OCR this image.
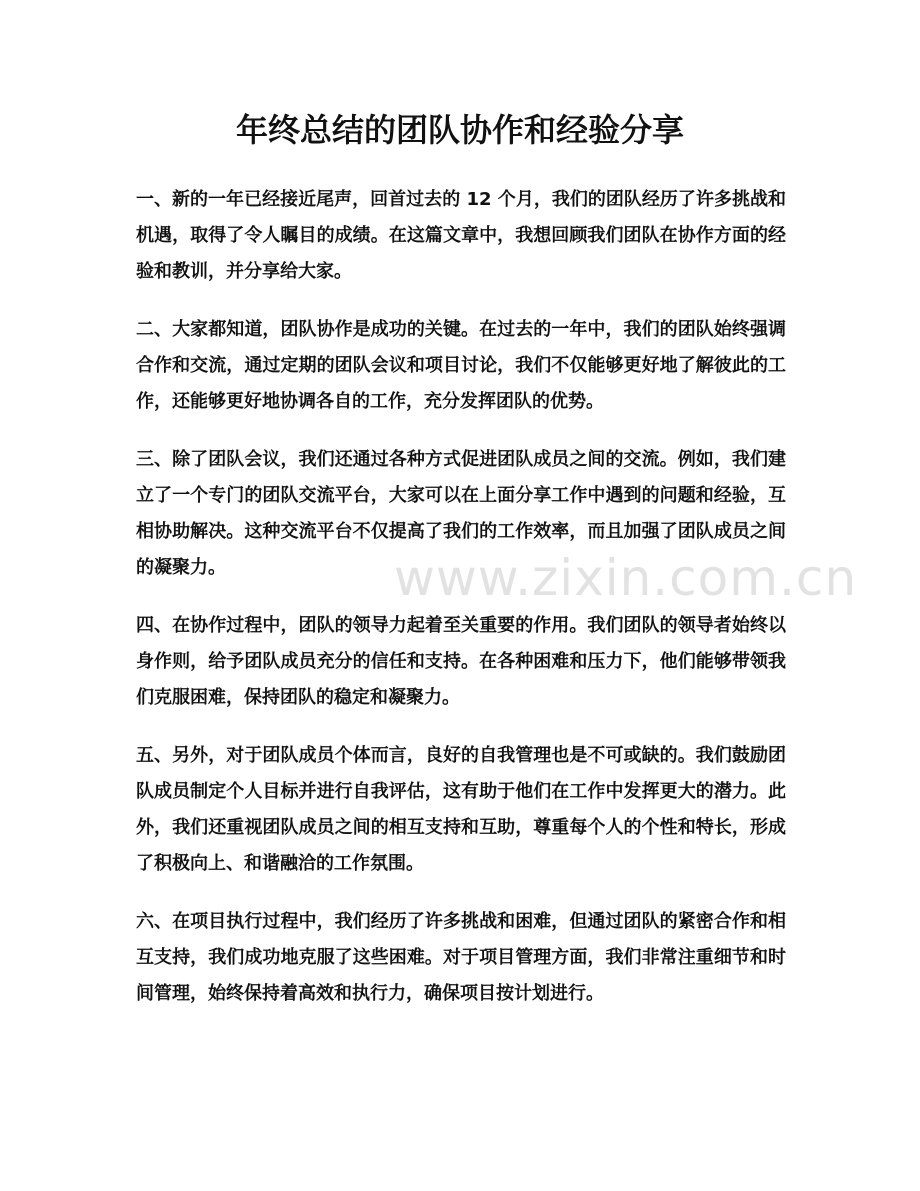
年终总结的团队协作和经验分享

一、新的一年已经接近尾声，回首过去的 12 个月，我们的团队经历了许多挑战和机遇，取得了令人瞩目的成绩。在这篇文章中，我想回顾我们团队在协作方面的经验和教训，并分享给大家。

二、大家都知道，团队协作是成功的关键。在过去的一年中，我们的团队始终强调合作和交流，通过定期的团队会议和项目讨论，我们不仅能够更好地了解彼此的工作，还能够更好地协调各自的工作，充分发挥团队的优势。

三、除了团队会议，我们还通过各种方式促进团队成员之间的交流。例如，我们建立了一个专门的团队交流平台，大家可以在上面分享工作中遇到的问题和经验，互相协助解决。这种交流平台不仅提高了我们的工作效率，而且加强了团队成员之间的凝聚力。

四、在协作过程中，团队的领导力起着至关重要的作用。我们团队的领导者始终以身作则，给予团队成员充分的信任和支持。在各种困难和压力下，他们能够带领我们克服困难，保持团队的稳定和凝聚力。

五、另外，对于团队成员个体而言，良好的自我管理也是不可或缺的。我们鼓励团队成员制定个人目标并进行自我评估，这有助于他们在工作中发挥更大的潜力。此外，我们还重视团队成员之间的相互支持和互助，尊重每个人的个性和特长，形成了积极向上、和谐融洽的工作氛围。

六、在项目执行过程中，我们经历了许多挑战和困难，但通过团队的紧密合作和相互支持，我们成功地克服了这些困难。对于项目管理方面，我们非常注重细节和时间管理，始终保持着高效和执行力，确保项目按计划进行。

www.zixin.com.cn
